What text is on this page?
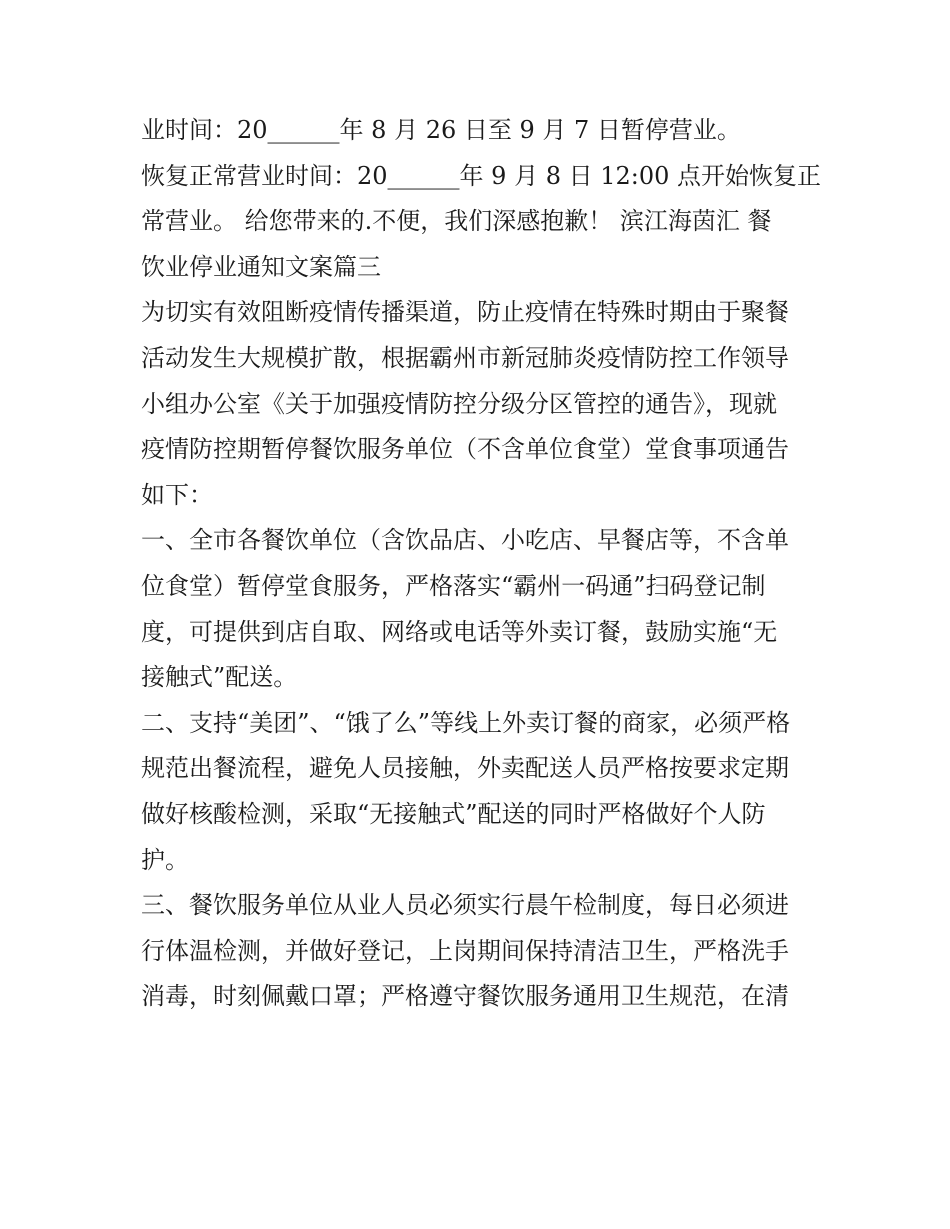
业时间：20______年 8 月 26 日至 9 月 7 日暂停营业。
恢复正常营业时间：20______年 9 月 8 日 12:00 点开始恢复正
常营业。 给您带来的.不便，我们深感抱歉！ 滨江海茵汇 餐
饮业停业通知文案篇三
为切实有效阻断疫情传播渠道，防止疫情在特殊时期由于聚餐
活动发生大规模扩散，根据霸州市新冠肺炎疫情防控工作领导
小组办公室《关于加强疫情防控分级分区管控的通告》，现就
疫情防控期暂停餐饮服务单位（不含单位食堂）堂食事项通告
如下：
一、全市各餐饮单位（含饮品店、小吃店、早餐店等，不含单
位食堂）暂停堂食服务，严格落实“霸州一码通”扫码登记制
度，可提供到店自取、网络或电话等外卖订餐，鼓励实施“无
接触式”配送。
二、支持“美团”、“饿了么”等线上外卖订餐的商家，必须严格
规范出餐流程，避免人员接触，外卖配送人员严格按要求定期
做好核酸检测，采取“无接触式”配送的同时严格做好个人防
护。
三、餐饮服务单位从业人员必须实行晨午检制度，每日必须进
行体温检测，并做好登记，上岗期间保持清洁卫生，严格洗手
消毒，时刻佩戴口罩；严格遵守餐饮服务通用卫生规范，在清
